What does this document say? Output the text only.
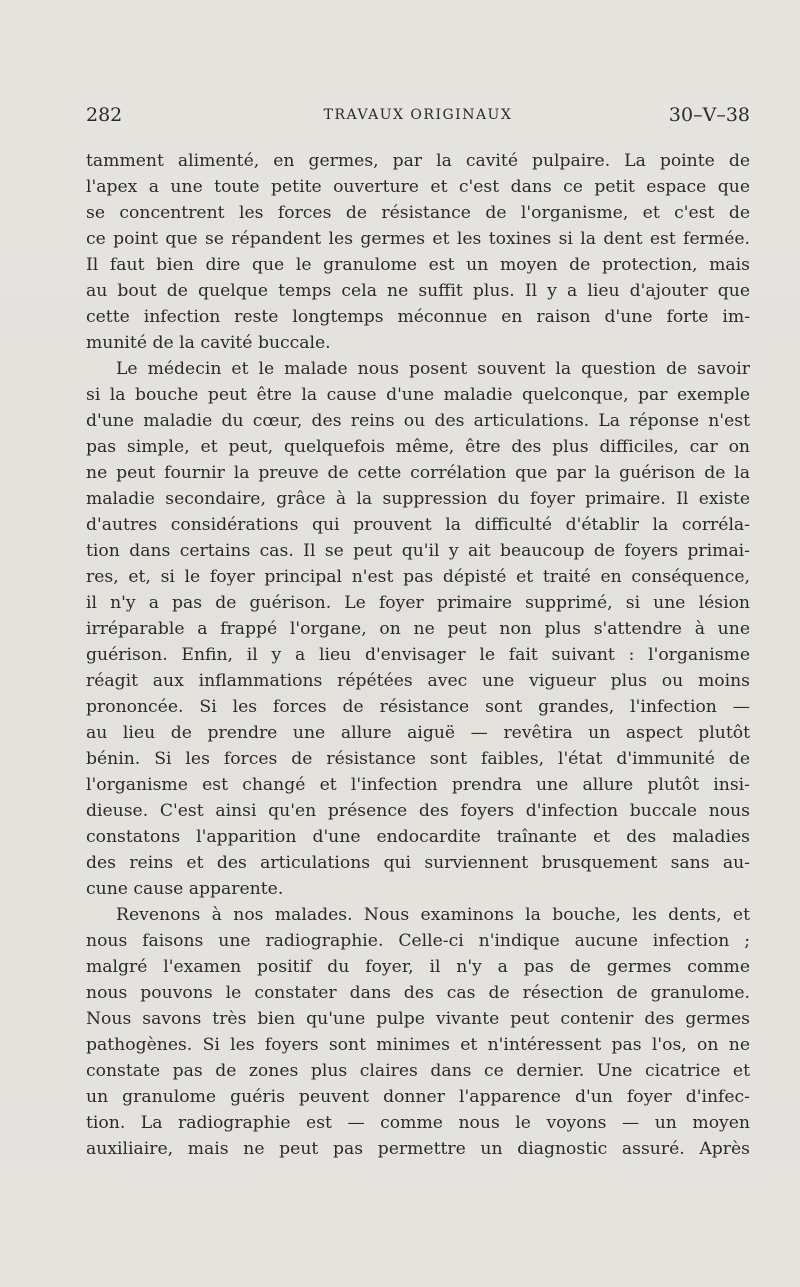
282	TRAVAUX ORIGINAUX	30–V–38
tamment alimenté, en germes, par la cavité pulpaire. La pointe de
l'apex a une toute petite ouverture et c'est dans ce petit espace que
se concentrent les forces de résistance de l'organisme, et c'est de
ce point que se répandent les germes et les toxines si la dent est fermée.
Il faut bien dire que le granulome est un moyen de protection, mais
au bout de quelque temps cela ne suffit plus. Il y a lieu d'ajouter que
cette infection reste longtemps méconnue en raison d'une forte im-
munité de la cavité buccale.
Le médecin et le malade nous posent souvent la question de savoir
si la bouche peut être la cause d'une maladie quelconque, par exemple
d'une maladie du cœur, des reins ou des articulations. La réponse n'est
pas simple, et peut, quelquefois même, être des plus difficiles, car on
ne peut fournir la preuve de cette corrélation que par la guérison de la
maladie secondaire, grâce à la suppression du foyer primaire. Il existe
d'autres considérations qui prouvent la difficulté d'établir la corréla-
tion dans certains cas. Il se peut qu'il y ait beaucoup de foyers primai-
res, et, si le foyer principal n'est pas dépisté et traité en conséquence,
il n'y a pas de guérison. Le foyer primaire supprimé, si une lésion
irréparable a frappé l'organe, on ne peut non plus s'attendre à une
guérison. Enfin, il y a lieu d'envisager le fait suivant : l'organisme
réagit aux inflammations répétées avec une vigueur plus ou moins
prononcée. Si les forces de résistance sont grandes, l'infection —
au lieu de prendre une allure aiguë — revêtira un aspect plutôt
bénin. Si les forces de résistance sont faibles, l'état d'immunité de
l'organisme est changé et l'infection prendra une allure plutôt insi-
dieuse. C'est ainsi qu'en présence des foyers d'infection buccale nous
constatons l'apparition d'une endocardite traînante et des maladies
des reins et des articulations qui surviennent brusquement sans au-
cune cause apparente.
Revenons à nos malades. Nous examinons la bouche, les dents, et
nous faisons une radiographie. Celle-ci n'indique aucune infection ;
malgré l'examen positif du foyer, il n'y a pas de germes comme
nous pouvons le constater dans des cas de résection de granulome.
Nous savons très bien qu'une pulpe vivante peut contenir des germes
pathogènes. Si les foyers sont minimes et n'intéressent pas l'os, on ne
constate pas de zones plus claires dans ce dernier. Une cicatrice et
un granulome guéris peuvent donner l'apparence d'un foyer d'infec-
tion. La radiographie est — comme nous le voyons — un moyen
auxiliaire, mais ne peut pas permettre un diagnostic assuré. Après
